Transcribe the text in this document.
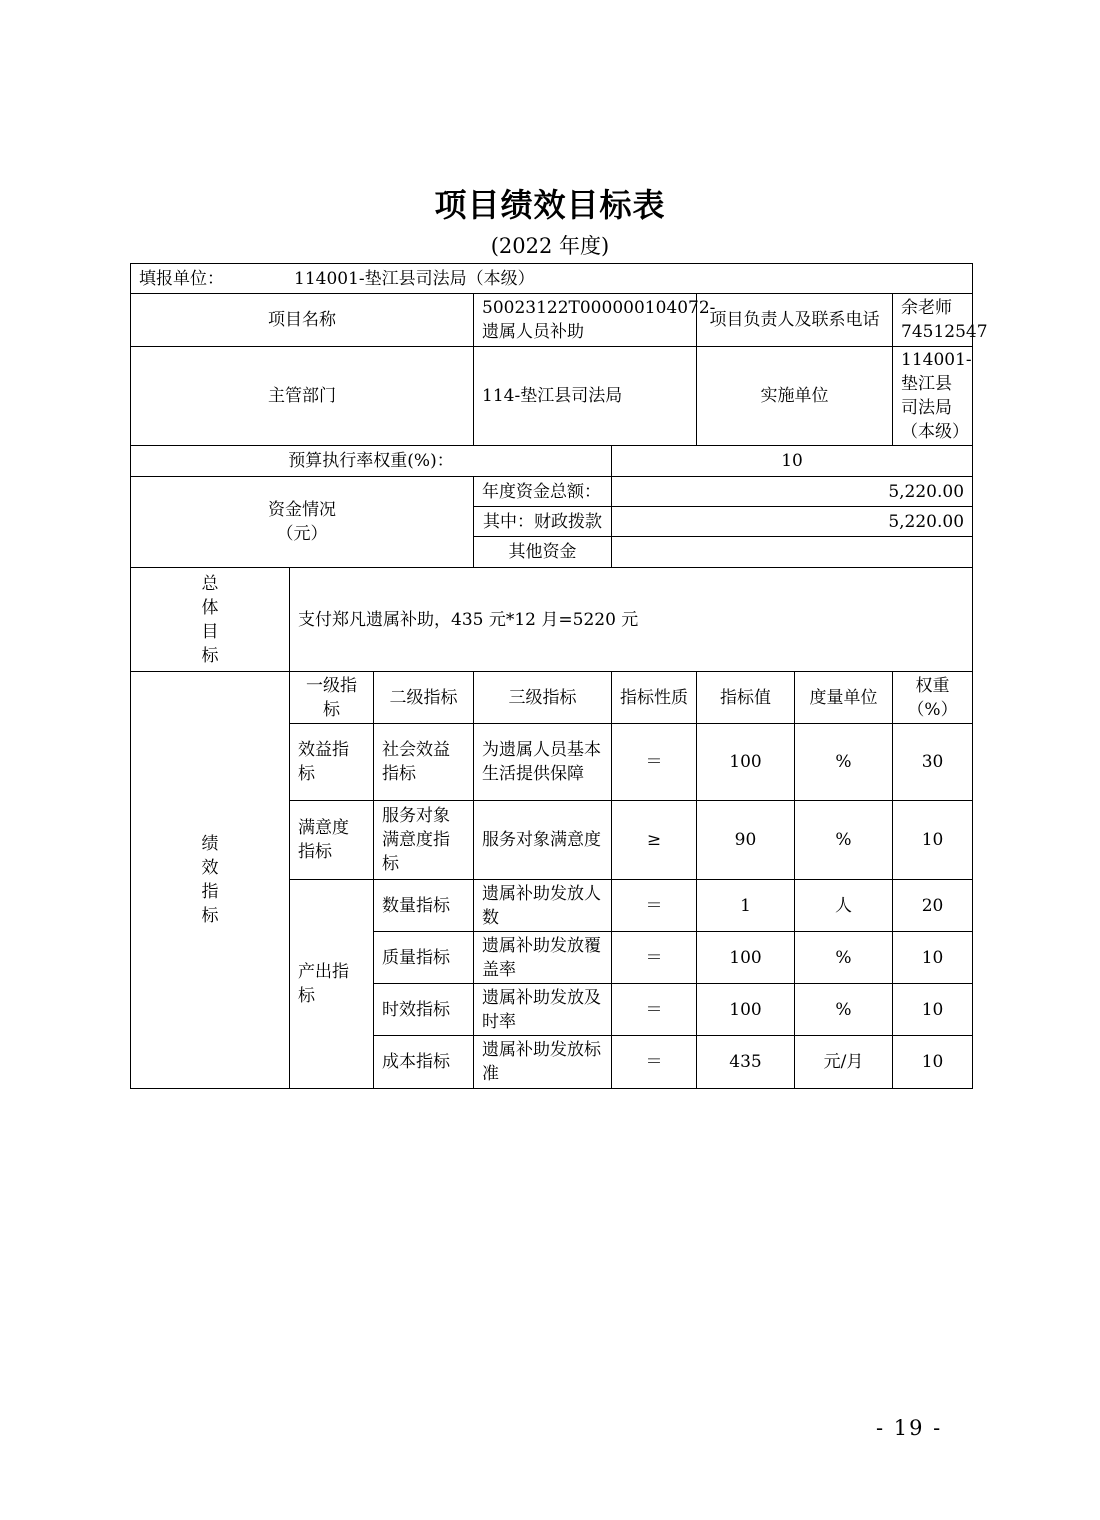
项目绩效目标表
(2022 年度)
填报单位： 114001-垫江县司法局（本级）							
项目名称			50023122T000000104072-遗属人员补助		项目负责人及联系电话		余老师 74512547
主管部门			114-垫江县司法局		实施单位		114001-垫江县司法局（本级）
预算执行率权重(%)：				10			
资金情况
（元）			年度资金总额：	5,220.00			
			其中：财政拨款	5,220.00			
			其他资金				

总
体
目
标	支付郑凡遗属补助，435 元*12 月=5220 元						

绩
效
指
标	一级指标	二级指标	三级指标	指标性质	指标值	度量单位	权重（%）
	效益指标	社会效益指标	为遗属人员基本生活提供保障	＝	100	%	30
	满意度指标	服务对象满意度指标	服务对象满意度	≥	90	%	10
	产出指标	数量指标	遗属补助发放人数	＝	1	人	20
		质量指标	遗属补助发放覆盖率	＝	100	%	10
		时效指标	遗属补助发放及时率	＝	100	%	10
		成本指标	遗属补助发放标准	＝	435	元/月	10
- 19 -
